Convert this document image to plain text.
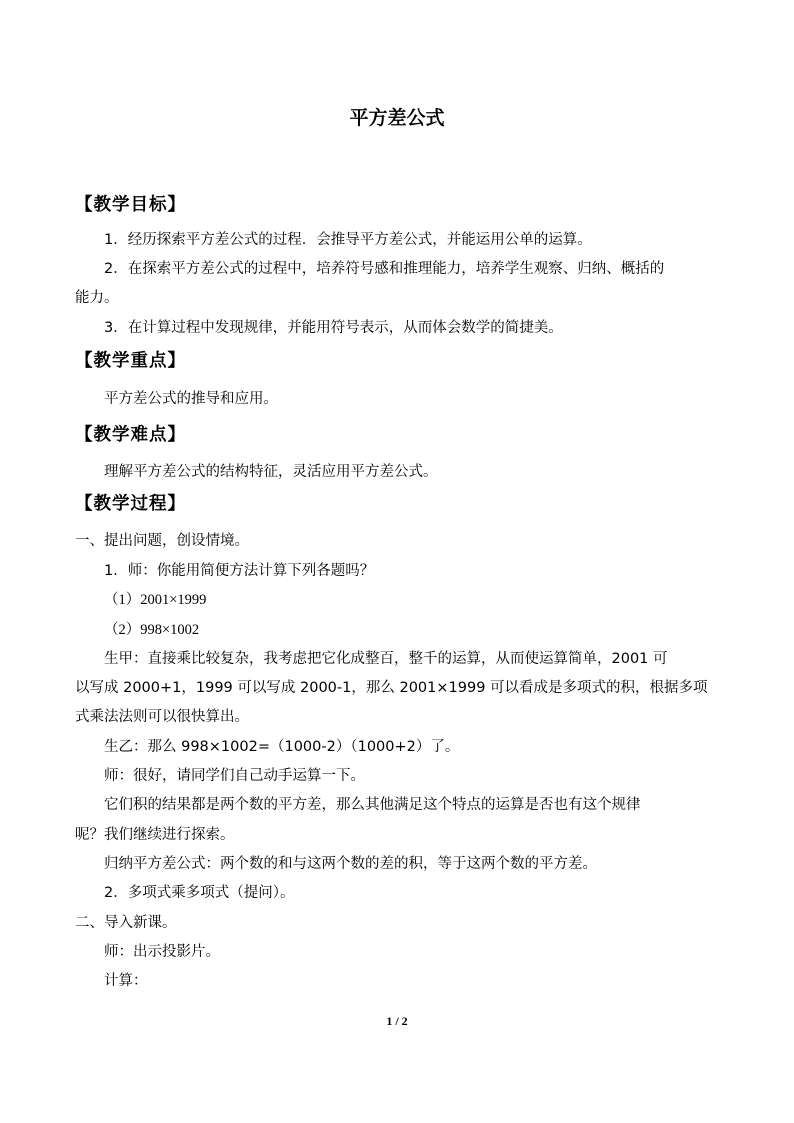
平方差公式
【教学目标】
1．经历探索平方差公式的过程．会推导平方差公式，并能运用公单的运算。
2．在探索平方差公式的过程中，培养符号感和推理能力，培养学生观察、归纳、概括的
能力。
3．在计算过程中发现规律，并能用符号表示，从而体会数学的简捷美。
【教学重点】
平方差公式的推导和应用。
【教学难点】
理解平方差公式的结构特征，灵活应用平方差公式。
【教学过程】
一、提出问题，创设情境。
1．师：你能用简便方法计算下列各题吗？
（1）2001×1999
（2）998×1002
生甲：直接乘比较复杂，我考虑把它化成整百，整千的运算，从而使运算简单，2001 可
以写成 2000+1，1999 可以写成 2000-1，那么 2001×1999 可以看成是多项式的积，根据多项
式乘法法则可以很快算出。
生乙：那么 998×1002=（1000-2）（1000+2）了。
师：很好，请同学们自己动手运算一下。
它们积的结果都是两个数的平方差，那么其他满足这个特点的运算是否也有这个规律
呢？我们继续进行探索。
归纳平方差公式：两个数的和与这两个数的差的积，等于这两个数的平方差。
2．多项式乘多项式（提问）。
二、导入新课。
师：出示投影片。
计算：
1 / 2
